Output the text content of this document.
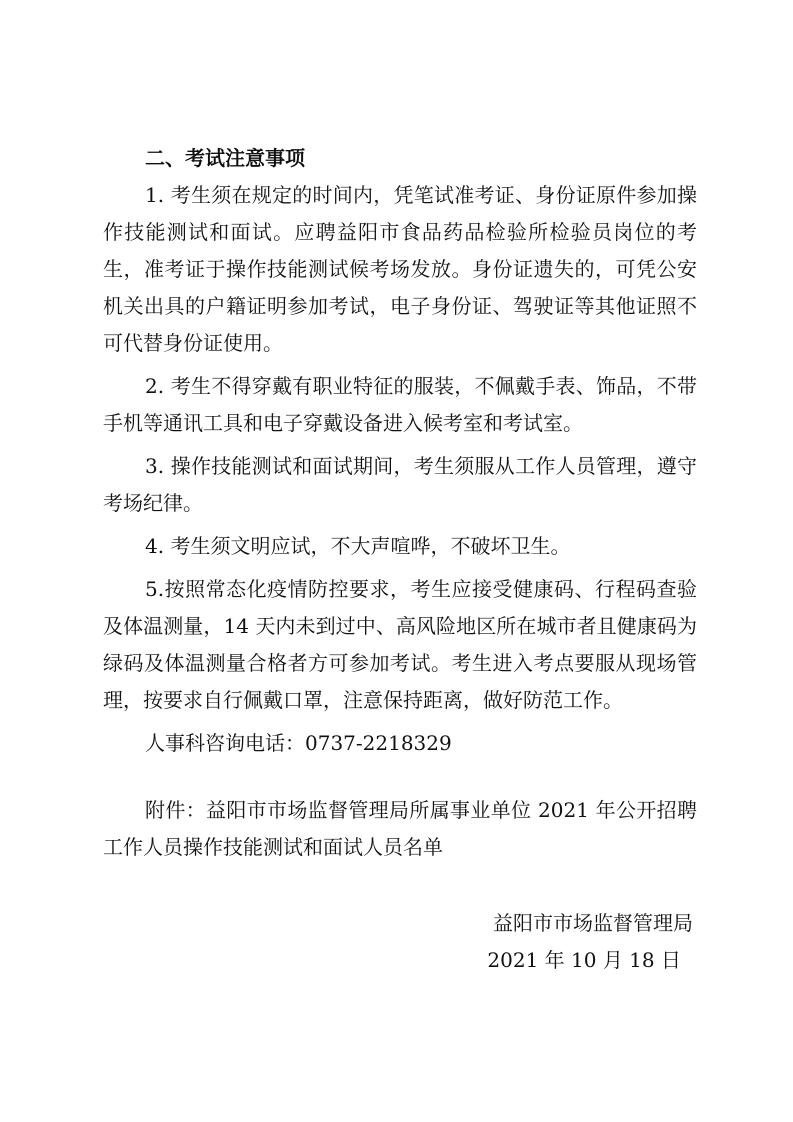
二、考试注意事项

1. 考生须在规定的时间内，凭笔试准考证、身份证原件参加操作技能测试和面试。应聘益阳市食品药品检验所检验员岗位的考生，准考证于操作技能测试候考场发放。身份证遗失的，可凭公安机关出具的户籍证明参加考试，电子身份证、驾驶证等其他证照不可代替身份证使用。

2. 考生不得穿戴有职业特征的服装，不佩戴手表、饰品，不带手机等通讯工具和电子穿戴设备进入候考室和考试室。

3. 操作技能测试和面试期间，考生须服从工作人员管理，遵守考场纪律。

4. 考生须文明应试，不大声喧哗，不破坏卫生。

5.按照常态化疫情防控要求，考生应接受健康码、行程码查验及体温测量，14 天内未到过中、高风险地区所在城市者且健康码为绿码及体温测量合格者方可参加考试。考生进入考点要服从现场管理，按要求自行佩戴口罩，注意保持距离，做好防范工作。

人事科咨询电话：0737-2218329

附件：益阳市市场监督管理局所属事业单位 2021 年公开招聘工作人员操作技能测试和面试人员名单

益阳市市场监督管理局

2021 年 10 月 18 日
